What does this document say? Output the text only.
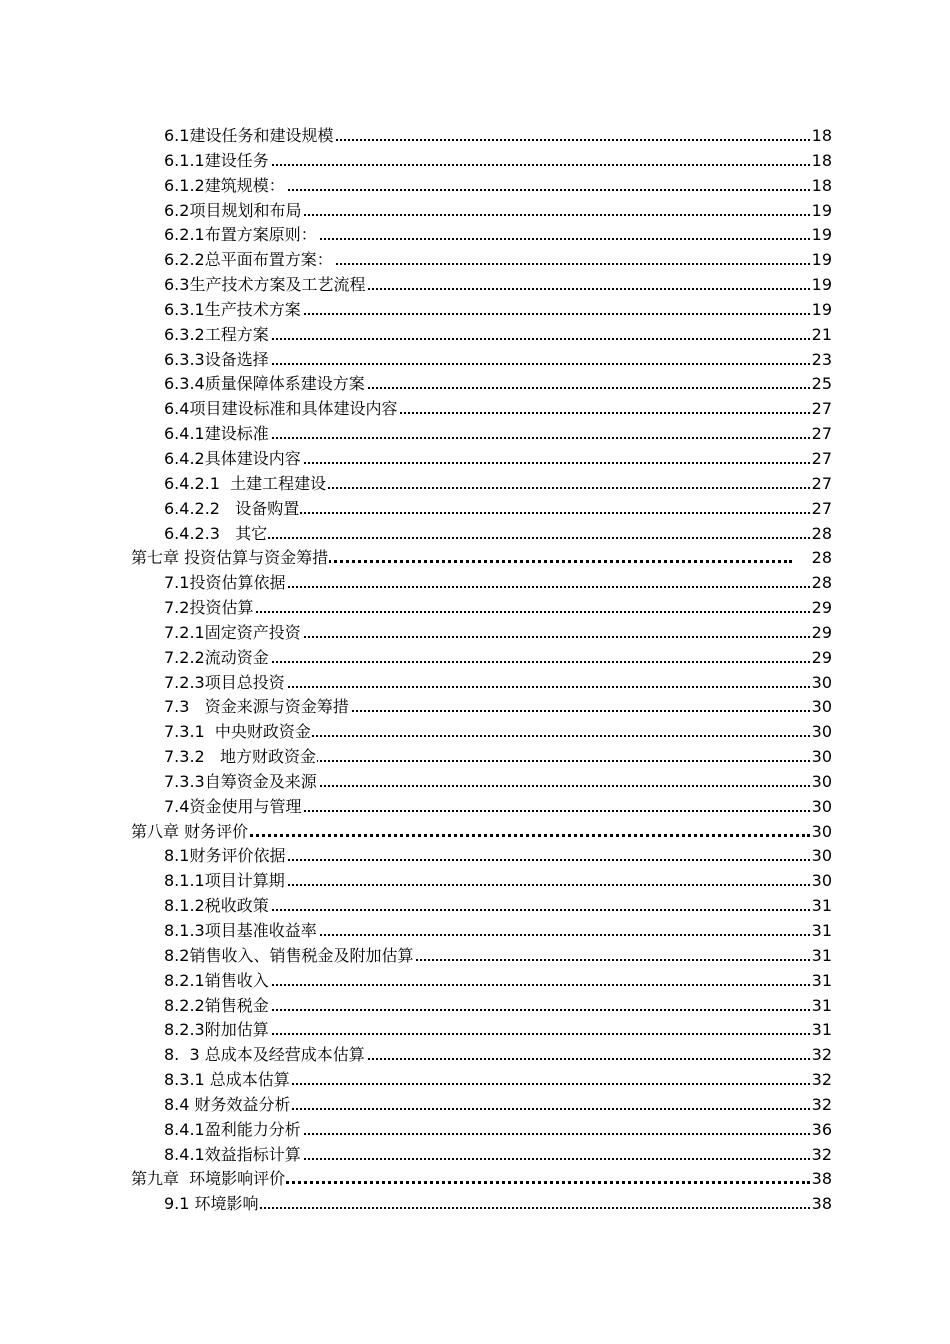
6.1建设任务和建设规模	18
6.1.1建设任务	18
6.1.2建筑规模：	18
6.2项目规划和布局	19
6.2.1布置方案原则：	19
6.2.2总平面布置方案：	19
6.3生产技术方案及工艺流程	19
6.3.1生产技术方案	19
6.3.2工程方案	21
6.3.3设备选择	23
6.3.4质量保障体系建设方案	25
6.4项目建设标准和具体建设内容	27
6.4.1建设标准	27
6.4.2具体建设内容	27
6.4.2.1  土建工程建设	27
6.4.2.2   设备购置	27
6.4.2.3   其它	28
第七章 投资估算与资金筹措	28
7.1投资估算依据	28
7.2投资估算	29
7.2.1固定资产投资	29
7.2.2流动资金	29
7.2.3项目总投资	30
7.3   资金来源与资金筹措	30
7.3.1  中央财政资金	30
7.3.2   地方财政资金	30
7.3.3自筹资金及来源	30
7.4资金使用与管理	30
第八章 财务评价	30
8.1财务评价依据	30
8.1.1项目计算期	30
8.1.2税收政策	31
8.1.3项目基准收益率	31
8.2销售收入、销售税金及附加估算	31
8.2.1销售收入	31
8.2.2销售税金	31
8.2.3附加估算	31
8.  3 总成本及经营成本估算	32
8.3.1 总成本估算	32
8.4 财务效益分析	32
8.4.1盈利能力分析	36
8.4.1效益指标计算	32
第九章  环境影响评价	38
9.1 环境影响	38
